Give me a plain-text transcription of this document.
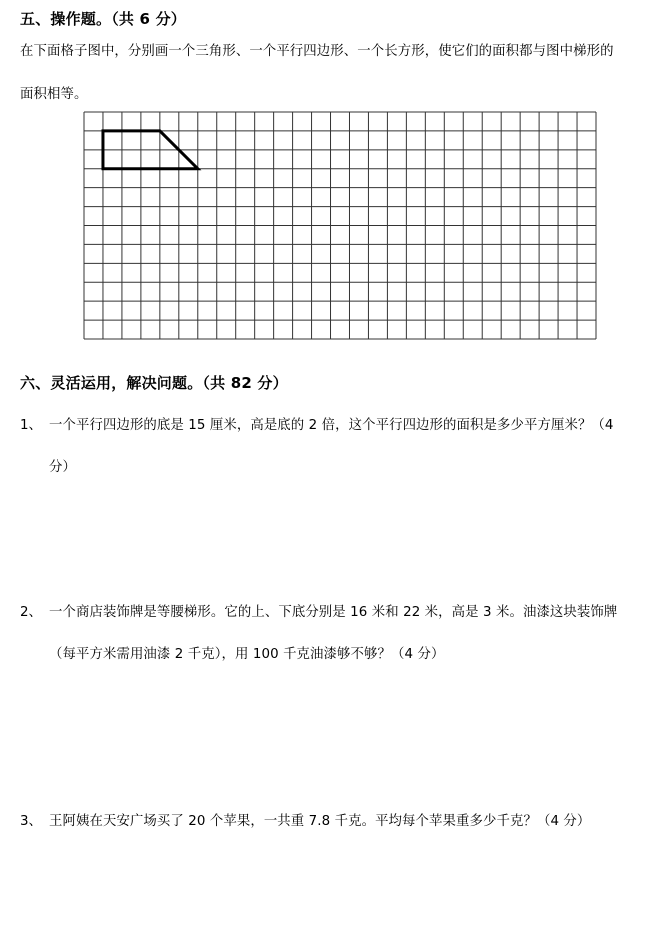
五、操作题。（共 6 分）
在下面格子图中，分别画一个三角形、一个平行四边形、一个长方形，使它们的面积都与图中梯形的
面积相等。
六、灵活运用，解决问题。（共 82 分）
1、 一个平行四边形的底是 15 厘米，高是底的 2 倍，这个平行四边形的面积是多少平方厘米？（4
分）
2、 一个商店装饰牌是等腰梯形。它的上、下底分别是 16 米和 22 米，高是 3 米。油漆这块装饰牌
（每平方米需用油漆 2 千克），用 100 千克油漆够不够？（4 分）
3、 王阿姨在天安广场买了 20 个苹果，一共重 7.8 千克。平均每个苹果重多少千克？（4 分）
